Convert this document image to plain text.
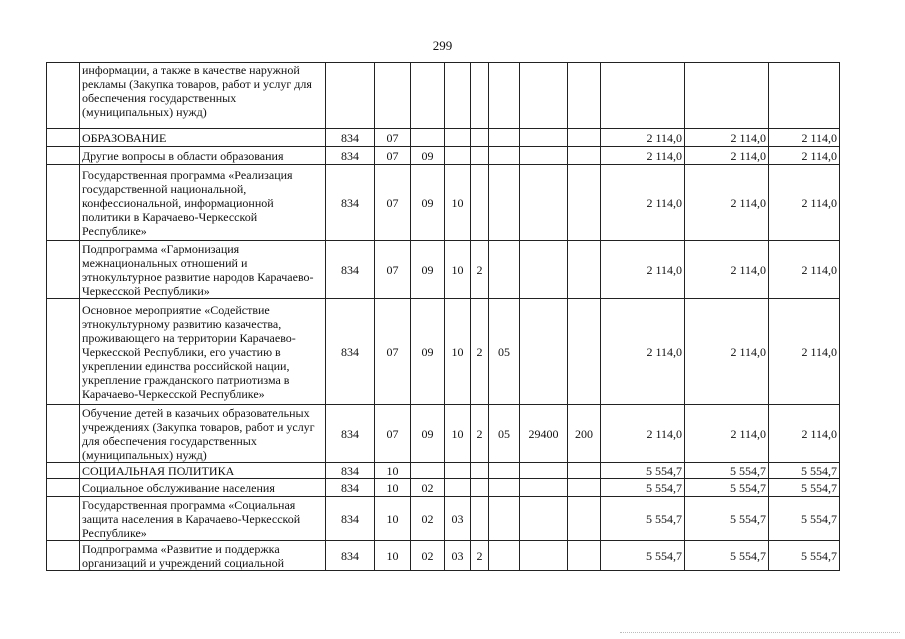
299
	информации, а также в качестве наружной рекламы (Закупка товаров, работ и услуг для обеспечения государственных (муниципальных) нужд)											
	ОБРАЗОВАНИЕ	834	07							2 114,0	2 114,0	2 114,0
	Другие вопросы в области образования	834	07	09						2 114,0	2 114,0	2 114,0
	Государственная программа «Реализация государственной национальной, конфессиональной, информационной политики в Карачаево-Черкесской Республике»	834	07	09	10					2 114,0	2 114,0	2 114,0
	Подпрограмма «Гармонизация межнациональных отношений и этнокультурное развитие народов Карачаево-Черкесской Республики»	834	07	09	10	2				2 114,0	2 114,0	2 114,0
	Основное мероприятие «Содействие этнокультурному развитию казачества, проживающего на территории Карачаево-Черкесской Республики, его участию в укреплении единства российской нации, укрепление гражданского патриотизма в Карачаево-Черкесской Республике»	834	07	09	10	2	05			2 114,0	2 114,0	2 114,0
	Обучение детей в казачьих образовательных учреждениях (Закупка товаров, работ и услуг для обеспечения государственных (муниципальных) нужд)	834	07	09	10	2	05	29400	200	2 114,0	2 114,0	2 114,0
	СОЦИАЛЬНАЯ ПОЛИТИКА	834	10							5 554,7	5 554,7	5 554,7
	Социальное обслуживание населения	834	10	02						5 554,7	5 554,7	5 554,7
	Государственная программа «Социальная защита населения в Карачаево-Черкесской Республике»	834	10	02	03					5 554,7	5 554,7	5 554,7
	Подпрограмма «Развитие и поддержка организаций и учреждений социальной	834	10	02	03	2				5 554,7	5 554,7	5 554,7
